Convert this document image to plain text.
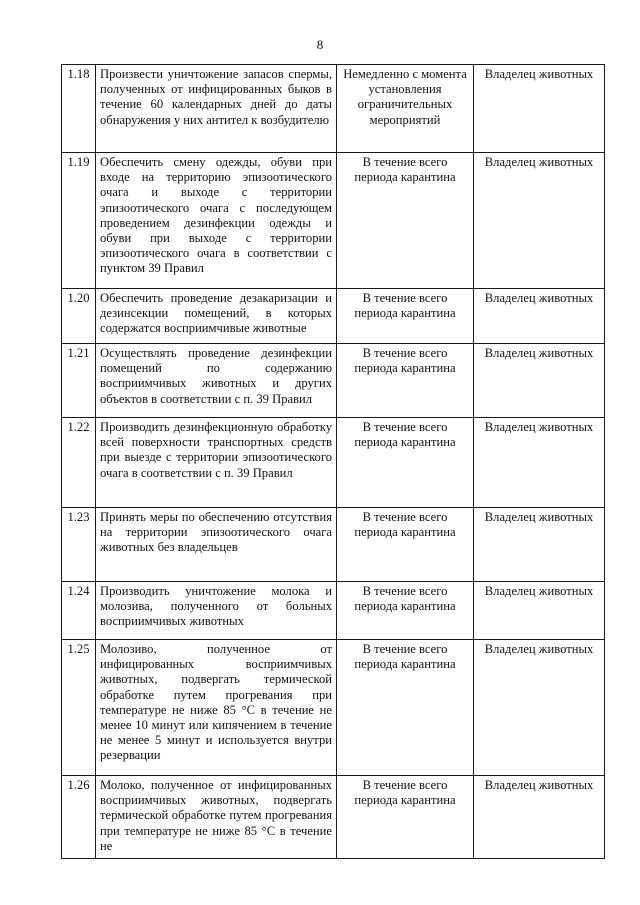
8
1.18	Произвести уничтожение запасов спермы, полученных от инфицированных быков в течение 60 календарных дней до даты обнаружения у них антител к возбудителю	Немедленно с момента установления ограничительных мероприятий	Владелец животных
1.19	Обеспечить смену одежды, обуви при входе на территорию эпизоотического очага и выходе с территории эпизоотического очага с последующем проведением дезинфекции одежды и обуви при выходе с территории эпизоотического очага в соответствии с пунктом 39 Правил	В течение всего периода карантина	Владелец животных
1.20	Обеспечить проведение дезакаризации и дезинсекции помещений, в которых содержатся восприимчивые животные	В течение всего периода карантина	Владелец животных
1.21	Осуществлять проведение дезинфекции помещений по содержанию восприимчивых животных и других объектов в соответствии с п. 39 Правил	В течение всего периода карантина	Владелец животных
1.22	Производить дезинфекционную обработку всей поверхности транспортных средств при выезде с территории эпизоотического очага в соответствии с п. 39 Правил	В течение всего периода карантина	Владелец животных
1.23	Принять меры по обеспечению отсутствия на территории эпизоотического очага животных без владельцев	В течение всего периода карантина	Владелец животных
1.24	Производить уничтожение молока и молозива, полученного от больных восприимчивых животных	В течение всего периода карантина	Владелец животных
1.25	Молозиво, полученное от инфицированных восприимчивых животных, подвергать термической обработке путем прогревания при температуре не ниже 85 °С в течение не менее 10 минут или кипячением в течение не менее 5 минут и используется внутри резервации	В течение всего периода карантина	Владелец животных
1.26	Молоко, полученное от инфицированных восприимчивых животных, подвергать термической обработке путем прогревания при температуре не ниже 85 °С в течение не	В течение всего периода карантина	Владелец животных
